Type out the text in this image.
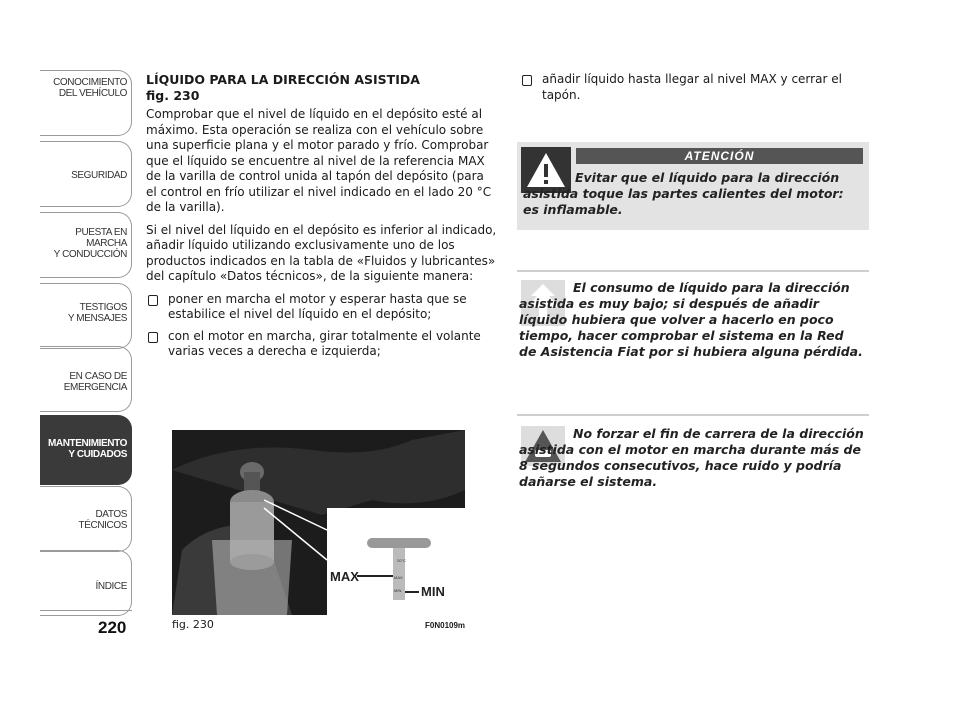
CONOCIMIENTO
DEL VEHÍCULO
SEGURIDAD
PUESTA EN
MARCHA
Y CONDUCCIÓN
TESTIGOS
Y MENSAJES
EN CASO DE
EMERGENCIA
MANTENIMIENTO
Y CUIDADOS
DATOS
TÉCNICOS
ÍNDICE
220
LÍQUIDO PARA LA DIRECCIÓN ASISTIDA
fig. 230

Comprobar que el nivel de líquido en el depósito esté al máximo. Esta operación se realiza con el vehículo sobre una superficie plana y el motor parado y frío. Comprobar que el líquido se encuentre al nivel de la referencia MAX de la varilla de control unida al tapón del depósito (para el control en frío utilizar el nivel indicado en el lado 20 °C de la varilla).

Si el nivel del líquido en el depósito es inferior al indicado, añadir líquido utilizando exclusivamente uno de los productos indicados en la tabla de «Fluidos y lubricantes» del capítulo «Datos técnicos», de la siguiente manera:

poner en marcha el motor y esperar hasta que se estabilice el nivel del líquido en el depósito;
con el motor en marcha, girar totalmente el volante varias veces a derecha e izquierda;
20°C
MAX
MIN
MAX
MIN
fig. 230	F0N0109m
añadir líquido hasta llegar al nivel MAX y cerrar el tapón.
ATENCIÓN
Evitar que el líquido para la dirección asistida toque las partes calientes del motor: es inflamable.
El consumo de líquido para la dirección asistida es muy bajo; si después de añadir líquido hubiera que volver a hacerlo en poco tiempo, hacer comprobar el sistema en la Red de Asistencia Fiat por si hubiera alguna pérdida.
No forzar el fin de carrera de la dirección asistida con el motor en marcha durante más de 8 segundos consecutivos, hace ruido y podría dañarse el sistema.
